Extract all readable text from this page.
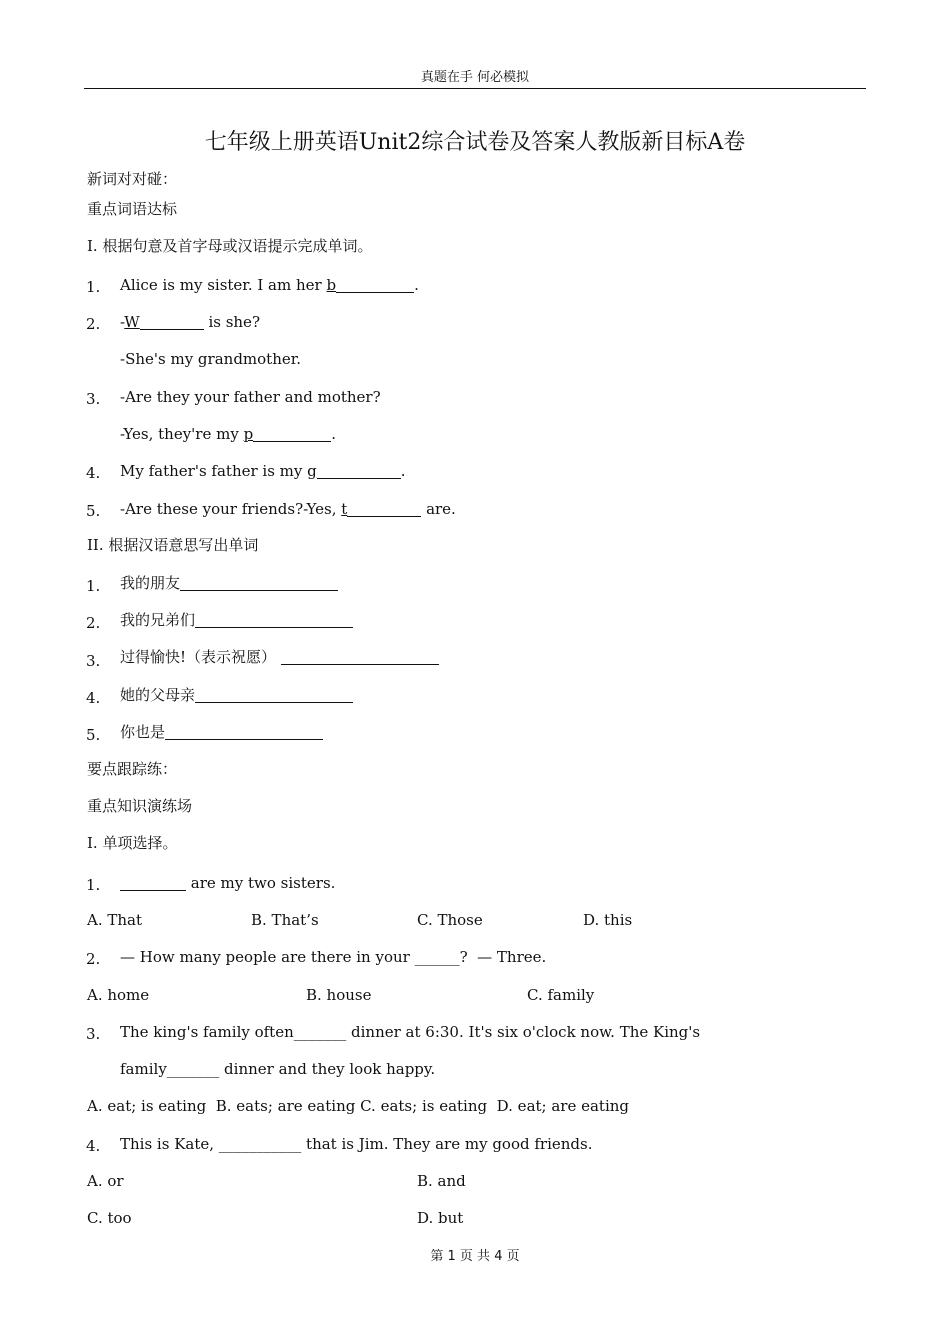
真题在手 何必模拟
七年级上册英语Unit2综合试卷及答案人教版新目标A卷
新词对对碰：
重点词语达标
I. 根据句意及首字母或汉语提示完成单词。
1.	Alice is my sister. I am her b	.
2.	-W	is she?
-She's my grandmother.
3.	-Are they your father and mother?
-Yes, they're my p	.
4.	My father's father is my g	.
5.	-Are these your friends?-Yes, t	are.
II. 根据汉语意思写出单词
1.	我的朋友
2.	我的兄弟们
3.	过得愉快!（表示祝愿）
4.	她的父母亲
5.	你也是
要点跟踪练：
重点知识演练场
I. 单项选择。
1.	are my two sisters.
A. That	B. That’s	C. Those	D. this
2.	— How many people are there in your ______?  — Three.
A. home	B. house	C. family
3.	The king's family often_______ dinner at 6:30. It's six o'clock now. The King's
family_______ dinner and they look happy.
A. eat; is eating  B. eats; are eating C. eats; is eating  D. eat; are eating
4.	This is Kate, ___________ that is Jim. They are my good friends.
A. or	B. and
C. too	D. but
第 1 页 共 4 页
